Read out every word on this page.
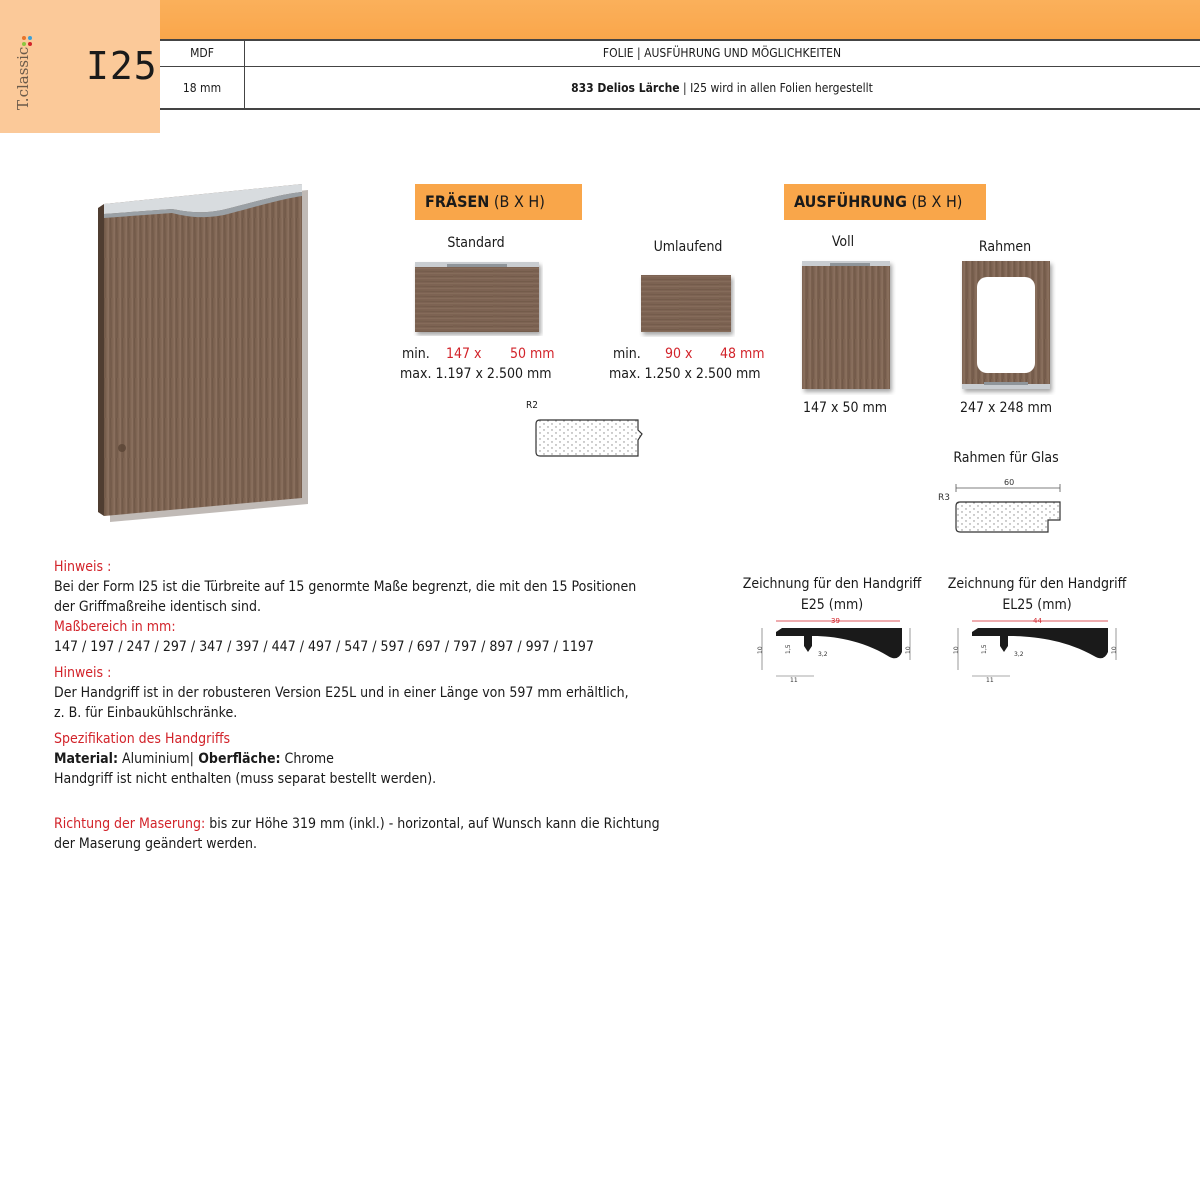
T.classic I25	MDF	FOLIE | AUSFÜHRUNG UND MÖGLICHKEITEN
18 mm	833 Delios Lärche | I25 wird in allen Folien hergestellt
FRÄSEN (B X H)
Standard
min. 147 x 50 mm
max. 1.197 x 2.500 mm
Umlaufend
min. 90 x 48 mm
max. 1.250 x 2.500 mm
R2
AUSFÜHRUNG (B X H)
Voll
147 x 50 mm
Rahmen
247 x 248 mm
Rahmen für Glas
R3
60
Zeichnung für den Handgriff
E25 (mm)
39
10	1,5
3,2
10
11
Zeichnung für den Handgriff
EL25 (mm)
44
10	1,5
3,2
10
11

Hinweis :

Bei der Form I25 ist die Türbreite auf 15 genormte Maße begrenzt, die mit den 15 Positionen

der Griffmaßreihe identisch sind.

Maßbereich in mm:

147 / 197 / 247 / 297 / 347 / 397 / 447 / 497 / 547 / 597 / 697 / 797 / 897 / 997 / 1197

Hinweis :

Der Handgriff ist in der robusteren Version E25L und in einer Länge von 597 mm erhältlich,

z. B. für Einbaukühlschränke.

Spezifikation des Handgriffs

Material: Aluminium| Oberfläche: Chrome

Handgriff ist nicht enthalten (muss separat bestellt werden).

Richtung der Maserung: bis zur Höhe 319 mm (inkl.) - horizontal, auf Wunsch kann die Richtung

der Maserung geändert werden.
